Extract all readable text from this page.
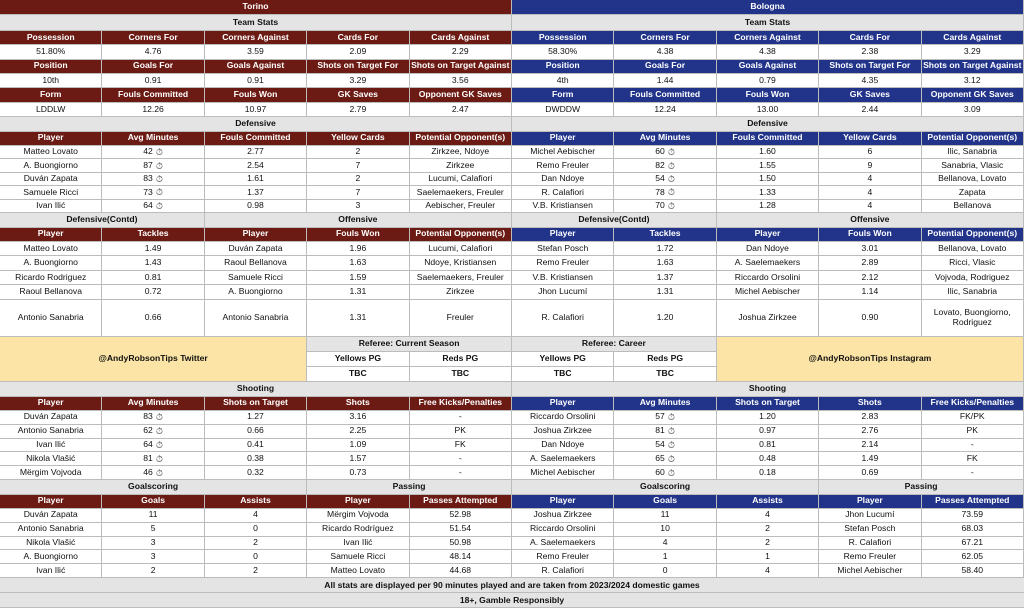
Torino
Team Stats
Possession	Corners For	Corners Against	Cards For	Cards Against
51.80%	4.76	3.59	2.09	2.29
Position	Goals For	Goals Against	Shots on Target For	Shots on Target Against
10th	0.91	0.91	3.29	3.56
Form	Fouls Committed	Fouls Won	GK Saves	Opponent GK Saves
LDDLW	12.26	10.97	2.79	2.47
Defensive
Player	Avg Minutes	Fouls Committed	Yellow Cards	Potential Opponent(s)
Matteo Lovato	42 ⏱	2.77	2	Zirkzee, Ndoye
A. Buongiorno	87 ⏱	2.54	7	Zirkzee
Duván Zapata	83 ⏱	1.61	2	Lucumi, Calafiori
Samuele Ricci	73 ⏱	1.37	7	Saelemaekers, Freuler
Ivan Ilić	64 ⏱	0.98	3	Aebischer, Freuler
Defensive(Contd)	Offensive
Player	Tackles	Player	Fouls Won	Potential Opponent(s)
Matteo Lovato	1.49	Duván Zapata	1.96	Lucumi, Calafiori
A. Buongiorno	1.43	Raoul Bellanova	1.63	Ndoye, Kristiansen
Ricardo Rodriguez	0.81	Samuele Ricci	1.59	Saelemaekers, Freuler
Raoul Bellanova	0.72	A. Buongiorno	1.31	Zirkzee
Antonio Sanabria	0.66	Antonio Sanabria	1.31	Freuler
@AndyRobsonTips Twitter
Referee: Current Season
Yellows PG	Reds PG
TBC	TBC
Shooting
Player	Avg Minutes	Shots on Target	Shots	Free Kicks/Penalties
Duván Zapata	83 ⏱	1.27	3.16	-
Antonio Sanabria	62 ⏱	0.66	2.25	PK
Ivan Ilić	64 ⏱	0.41	1.09	FK
Nikola Vlašić	81 ⏱	0.38	1.57	-
Mërgim Vojvoda	46 ⏱	0.32	0.73	-
Goalscoring	Passing
Player	Goals	Assists	Player	Passes Attempted
Duván Zapata	11	4	Mërgim Vojvoda	52.98
Antonio Sanabria	5	0	Ricardo Rodríguez	51.54
Nikola Vlašić	3	2	Ivan Ilić	50.98
A. Buongiorno	3	0	Samuele Ricci	48.14
Ivan Ilić	2	2	Matteo Lovato	44.68
Bologna
Team Stats
Possession	Corners For	Corners Against	Cards For	Cards Against
58.30%	4.38	4.38	2.38	3.29
Position	Goals For	Goals Against	Shots on Target For	Shots on Target Against
4th	1.44	0.79	4.35	3.12
Form	Fouls Committed	Fouls Won	GK Saves	Opponent GK Saves
DWDDW	12.24	13.00	2.44	3.09
Defensive
Player	Avg Minutes	Fouls Committed	Yellow Cards	Potential Opponent(s)
Michel Aebischer	60 ⏱	1.60	6	Ilic, Sanabria
Remo Freuler	82 ⏱	1.55	9	Sanabria, Vlasic
Dan Ndoye	54 ⏱	1.50	4	Bellanova, Lovato
R. Calafiori	78 ⏱	1.33	4	Zapata
V.B. Kristiansen	70 ⏱	1.28	4	Bellanova
Defensive(Contd)	Offensive
Player	Tackles	Player	Fouls Won	Potential Opponent(s)
Stefan Posch	1.72	Dan Ndoye	3.01	Bellanova, Lovato
Remo Freuler	1.63	A. Saelemaekers	2.89	Ricci, Vlasic
V.B. Kristiansen	1.37	Riccardo Orsolini	2.12	Vojvoda, Rodriguez
Jhon Lucumí	1.31	Michel Aebischer	1.14	Ilic, Sanabria
R. Calafiori	1.20	Joshua Zirkzee	0.90	Lovato, Buongiorno, Rodriguez
Referee: Career
Yellows PG	Reds PG
TBC	TBC
@AndyRobsonTips Instagram
Shooting
Player	Avg Minutes	Shots on Target	Shots	Free Kicks/Penalties
Riccardo Orsolini	57 ⏱	1.20	2.83	FK/PK
Joshua Zirkzee	81 ⏱	0.97	2.76	PK
Dan Ndoye	54 ⏱	0.81	2.14	-
A. Saelemaekers	65 ⏱	0.48	1.49	FK
Michel Aebischer	60 ⏱	0.18	0.69	-
Goalscoring	Passing
Player	Goals	Assists	Player	Passes Attempted
Joshua Zirkzee	11	4	Jhon Lucumí	73.59
Riccardo Orsolini	10	2	Stefan Posch	68.03
A. Saelemaekers	4	2	R. Calafiori	67.21
Remo Freuler	1	1	Remo Freuler	62.05
R. Calafiori	0	4	Michel Aebischer	58.40
All stats are displayed per 90 minutes played and are taken from 2023/2024 domestic games
18+, Gamble Responsibly
